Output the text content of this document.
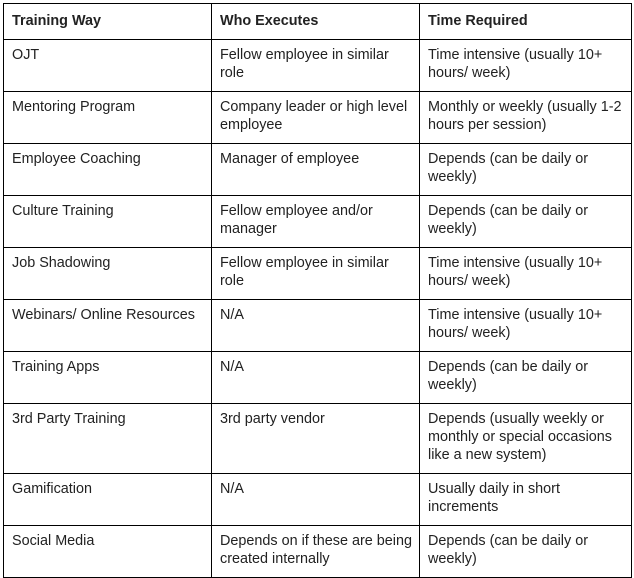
Training Way	Who Executes	Time Required
OJT	Fellow employee in similar role	Time intensive (usually 10+ hours/ week)
Mentoring Program	Company leader or high level employee	Monthly or weekly (usually 1-2 hours per session)
Employee Coaching	Manager of employee	Depends (can be daily or weekly)
Culture Training	Fellow employee and/or manager	Depends (can be daily or weekly)
Job Shadowing	Fellow employee in similar role	Time intensive (usually 10+ hours/ week)
Webinars/ Online Resources	N/A	Time intensive (usually 10+ hours/ week)
Training Apps	N/A	Depends (can be daily or weekly)
3rd Party Training	3rd party vendor	Depends (usually weekly or monthly or special occasions like a new system)
Gamification	N/A	Usually daily in short increments
Social Media	Depends on if these are being created internally	Depends (can be daily or weekly)
